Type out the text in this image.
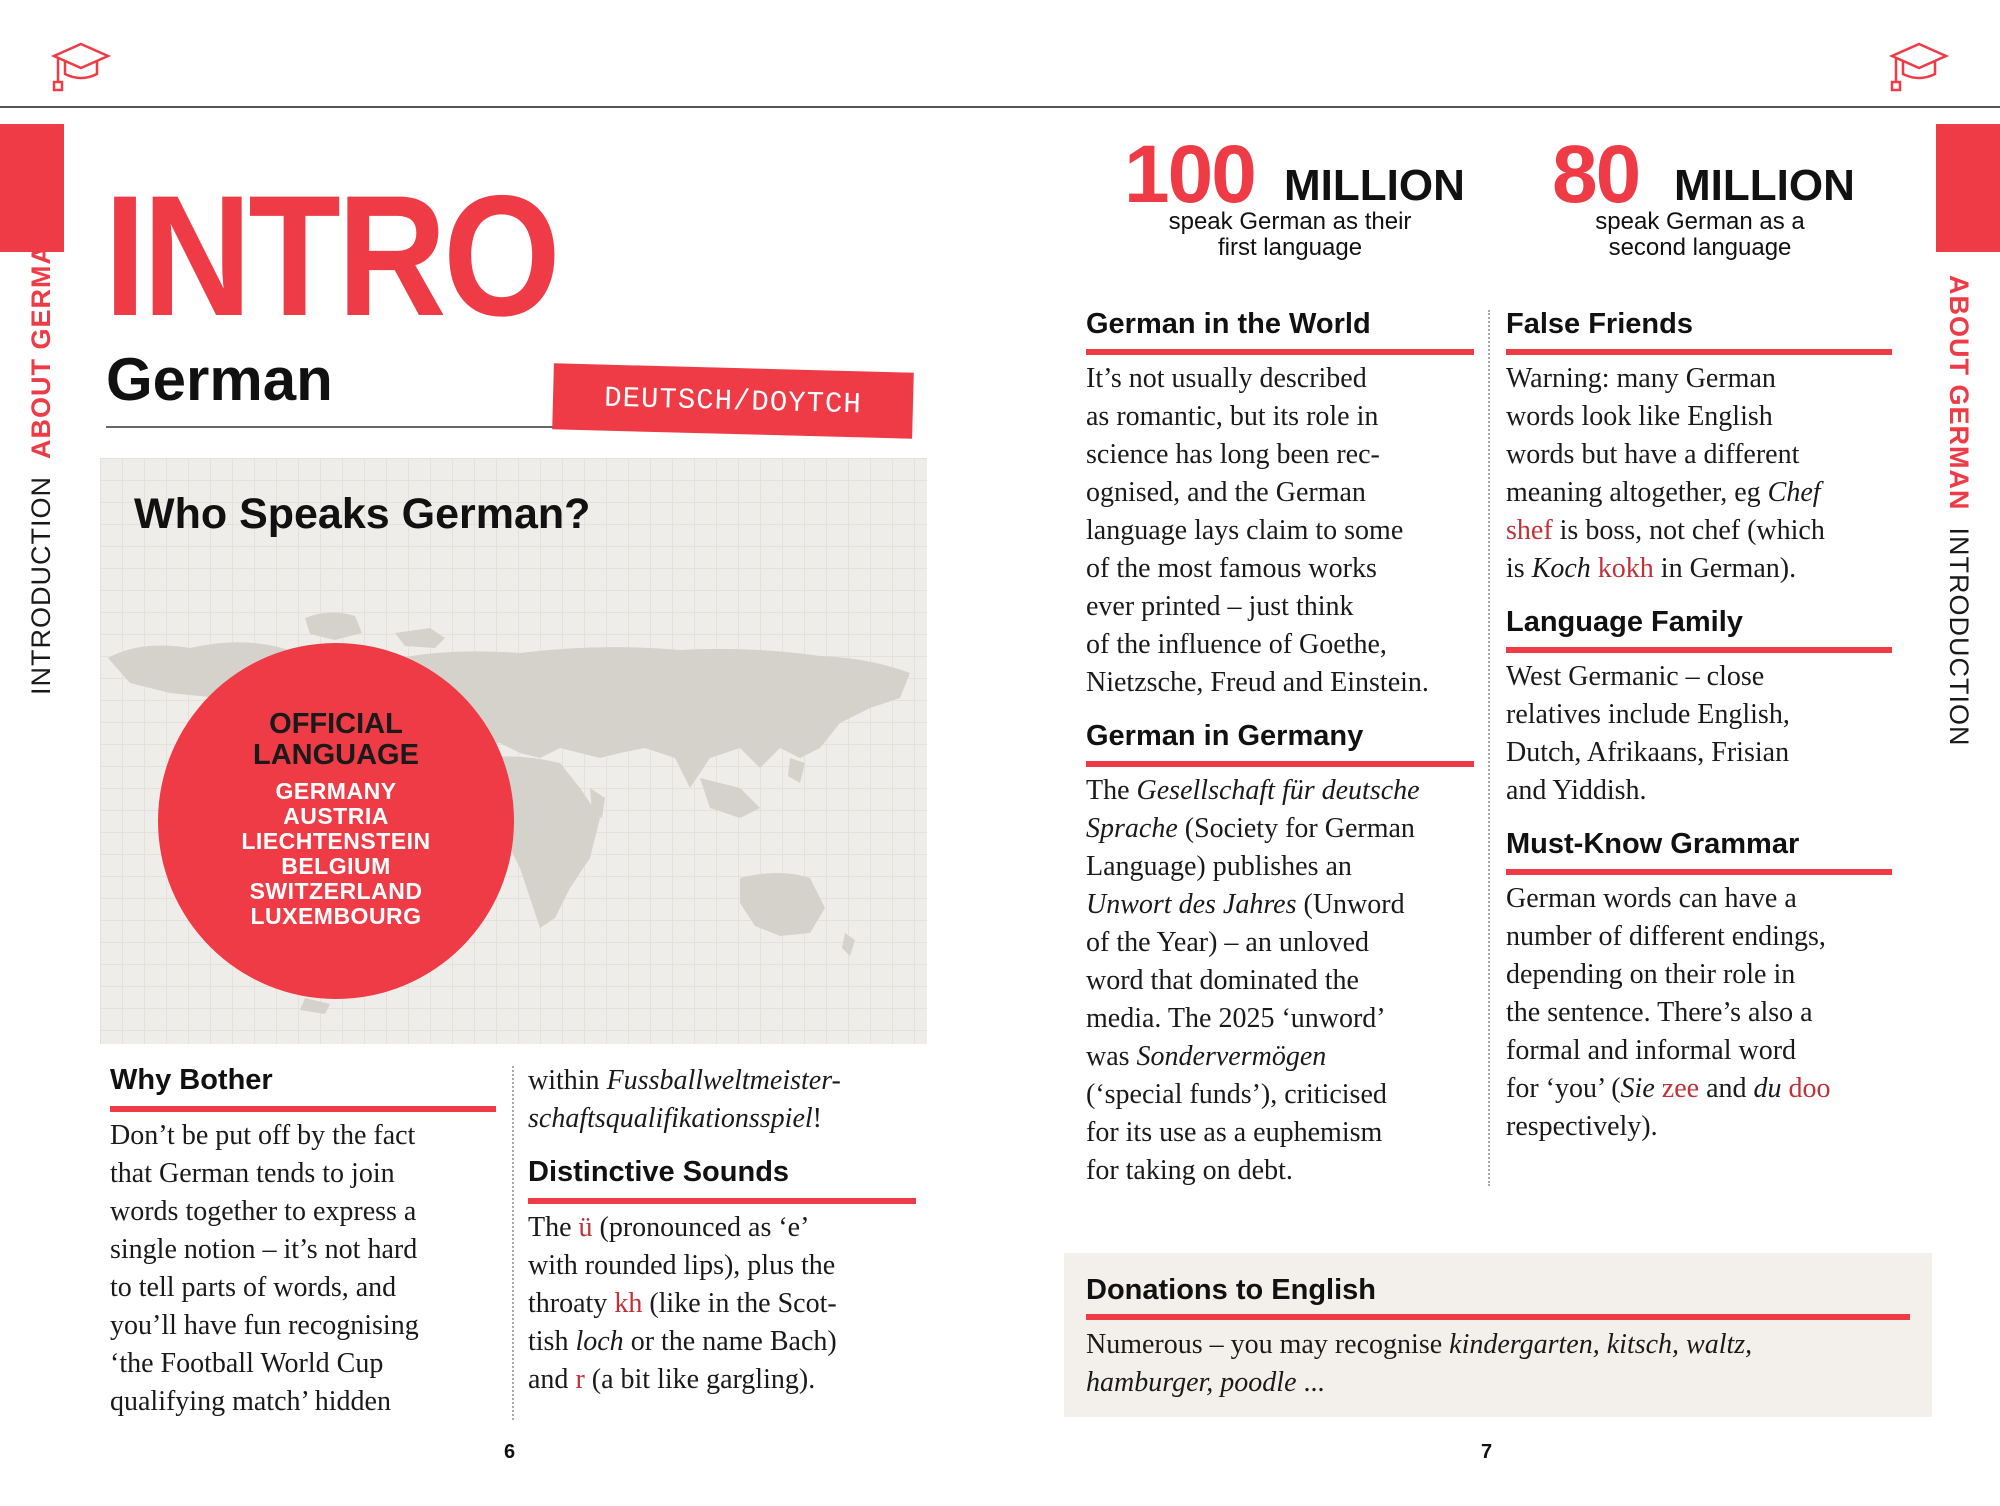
INTRODUCTION  ABOUT GERMAN	ABOUT GERMAN  INTRODUCTION
INTRO
German	DEUTSCH/DOYTCH
Who Speaks German?
OFFICIAL
LANGUAGE
GERMANY
AUSTRIA
LIECHTENSTEIN
BELGIUM
SWITZERLAND
LUXEMBOURG
Why Bother
Don’t be put off by the fact
that German tends to join
words together to express a
single notion – it’s not hard
to tell parts of words, and
you’ll have fun recognising
‘the Football World Cup
qualifying match’ hidden
within Fussballweltmeister-
schaftsqualifikationsspiel!
Distinctive Sounds
The ü (pronounced as ‘e’
with rounded lips), plus the
throaty kh (like in the Scot-
tish loch or the name Bach)
and r (a bit like gargling).
6
100 MILLION
speak German as their
first language
80 MILLION
speak German as a
second language
German in the World
It’s not usually described
as romantic, but its role in
science has long been rec-
ognised, and the German
language lays claim to some
of the most famous works
ever printed – just think
of the influence of Goethe,
Nietzsche, Freud and Einstein.
German in Germany
The Gesellschaft für deutsche
Sprache (Society for German
Language) publishes an
Unwort des Jahres (Unword
of the Year) – an unloved
word that dominated the
media. The 2025 ‘unword’
was Sondervermögen
(‘special funds’), criticised
for its use as a euphemism
for taking on debt.
False Friends
Warning: many German
words look like English
words but have a different
meaning altogether, eg Chef
shef is boss, not chef (which
is Koch kokh in German).
Language Family
West Germanic – close
relatives include English,
Dutch, Afrikaans, Frisian
and Yiddish.
Must-Know Grammar
German words can have a
number of different endings,
depending on their role in
the sentence. There’s also a
formal and informal word
for ‘you’ (Sie zee and du doo
respectively).
Donations to English
Numerous – you may recognise kindergarten, kitsch, waltz,
hamburger, poodle ...
7
